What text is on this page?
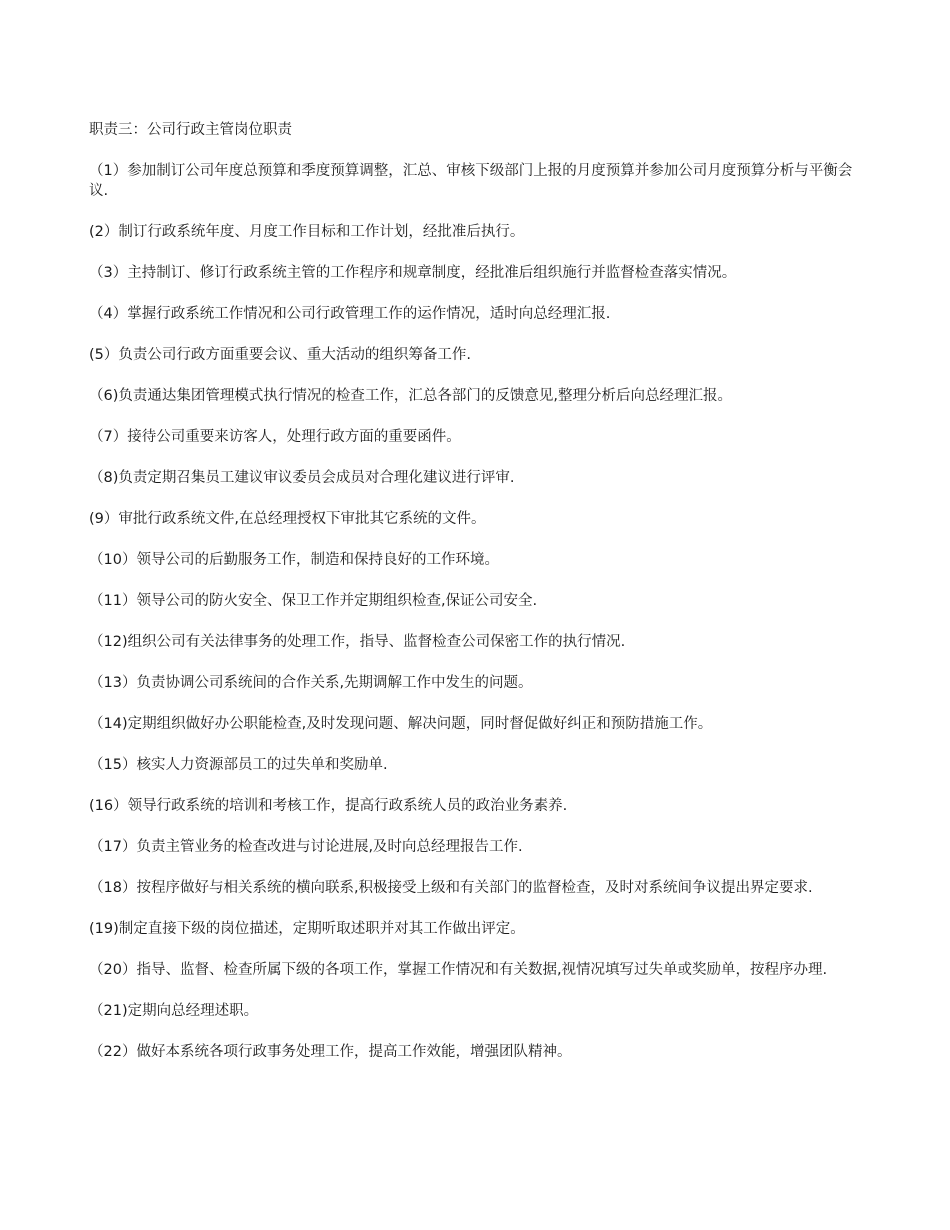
职责三：公司行政主管岗位职责
（1）参加制订公司年度总预算和季度预算调整，汇总、审核下级部门上报的月度预算并参加公司月度预算分析与平衡会议.
(2）制订行政系统年度、月度工作目标和工作计划，经批准后执行。
（3）主持制订、修订行政系统主管的工作程序和规章制度，经批准后组织施行并监督检查落实情况。
（4）掌握行政系统工作情况和公司行政管理工作的运作情况，适时向总经理汇报.
(5）负责公司行政方面重要会议、重大活动的组织筹备工作.
（6)负责通达集团管理模式执行情况的检查工作，汇总各部门的反馈意见,整理分析后向总经理汇报。
（7）接待公司重要来访客人，处理行政方面的重要函件。
（8)负责定期召集员工建议审议委员会成员对合理化建议进行评审.
(9）审批行政系统文件,在总经理授权下审批其它系统的文件。
（10）领导公司的后勤服务工作，制造和保持良好的工作环境。
（11）领导公司的防火安全、保卫工作并定期组织检查,保证公司安全.
（12)组织公司有关法律事务的处理工作，指导、监督检查公司保密工作的执行情况.
（13）负责协调公司系统间的合作关系,先期调解工作中发生的问题。
（14)定期组织做好办公职能检查,及时发现问题、解决问题，同时督促做好纠正和预防措施工作。
（15）核实人力资源部员工的过失单和奖励单.
(16）领导行政系统的培训和考核工作，提高行政系统人员的政治业务素养.
（17）负责主管业务的检查改进与讨论进展,及时向总经理报告工作.
（18）按程序做好与相关系统的横向联系,积极接受上级和有关部门的监督检查，及时对系统间争议提出界定要求.
(19)制定直接下级的岗位描述，定期听取述职并对其工作做出评定。
（20）指导、监督、检查所属下级的各项工作，掌握工作情况和有关数据,视情况填写过失单或奖励单，按程序办理.
（21)定期向总经理述职。
（22）做好本系统各项行政事务处理工作，提高工作效能，增强团队精神。
